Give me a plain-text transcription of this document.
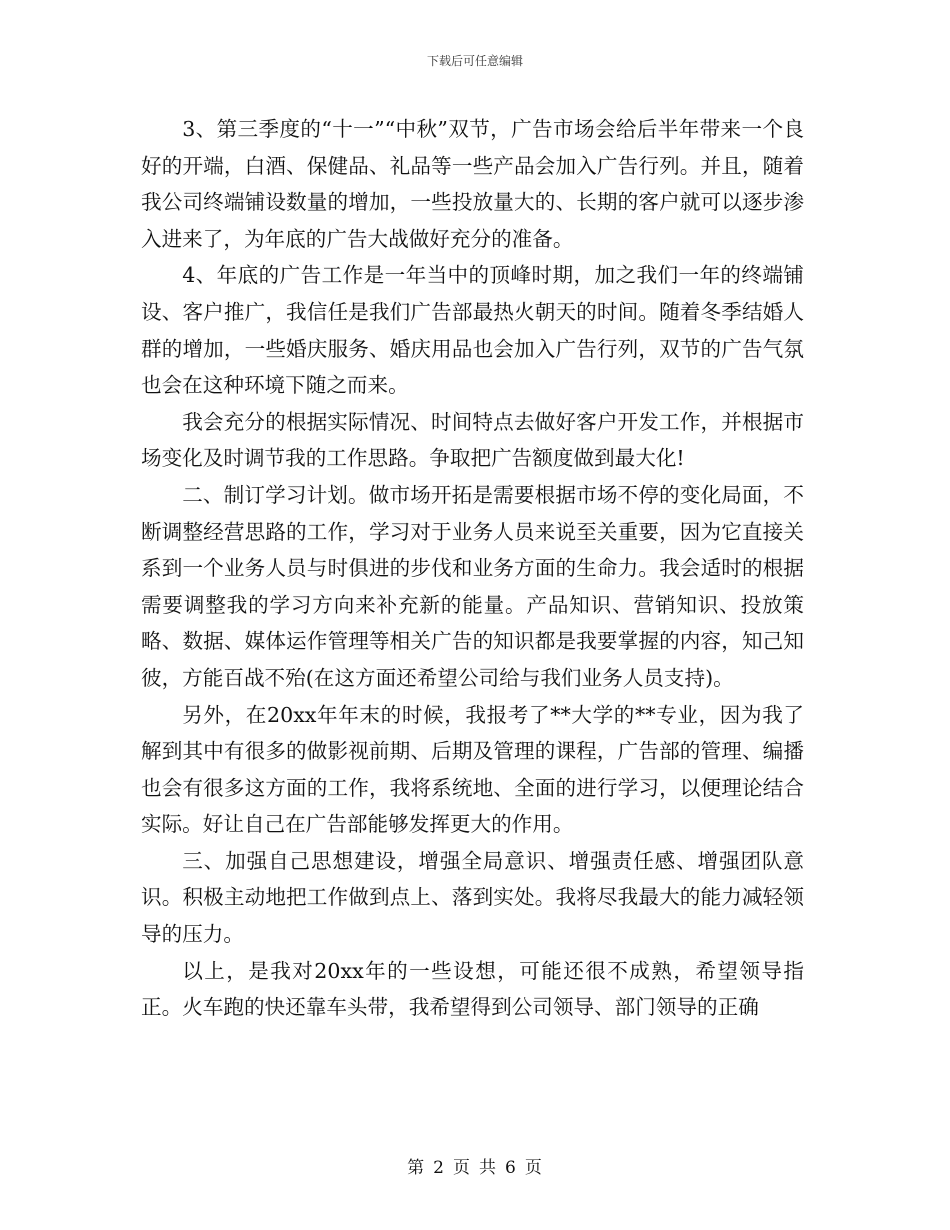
下载后可任意编辑

3、第三季度的“十一”“中秋”双节，广告市场会给后半年带来一个良好的开端，白酒、保健品、礼品等一些产品会加入广告行列。并且，随着我公司终端铺设数量的增加，一些投放量大的、长期的客户就可以逐步渗入进来了，为年底的广告大战做好充分的准备。

4、年底的广告工作是一年当中的顶峰时期，加之我们一年的终端铺设、客户推广，我信任是我们广告部最热火朝天的时间。随着冬季结婚人群的增加，一些婚庆服务、婚庆用品也会加入广告行列，双节的广告气氛也会在这种环境下随之而来。

我会充分的根据实际情况、时间特点去做好客户开发工作，并根据市场变化及时调节我的工作思路。争取把广告额度做到最大化!

二、制订学习计划。做市场开拓是需要根据市场不停的变化局面，不断调整经营思路的工作，学习对于业务人员来说至关重要，因为它直接关系到一个业务人员与时俱进的步伐和业务方面的生命力。我会适时的根据需要调整我的学习方向来补充新的能量。产品知识、营销知识、投放策略、数据、媒体运作管理等相关广告的知识都是我要掌握的内容，知己知彼，方能百战不殆(在这方面还希望公司给与我们业务人员支持)。

另外，在20xx年年末的时候，我报考了**大学的**专业，因为我了解到其中有很多的做影视前期、后期及管理的课程，广告部的管理、编播也会有很多这方面的工作，我将系统地、全面的进行学习，以便理论结合实际。好让自己在广告部能够发挥更大的作用。

三、加强自己思想建设，增强全局意识、增强责任感、增强团队意识。积极主动地把工作做到点上、落到实处。我将尽我最大的能力减轻领导的压力。

以上，是我对20xx年的一些设想，可能还很不成熟，希望领导指正。火车跑的快还靠车头带，我希望得到公司领导、部门领导的正确

第 2 页 共 6 页
